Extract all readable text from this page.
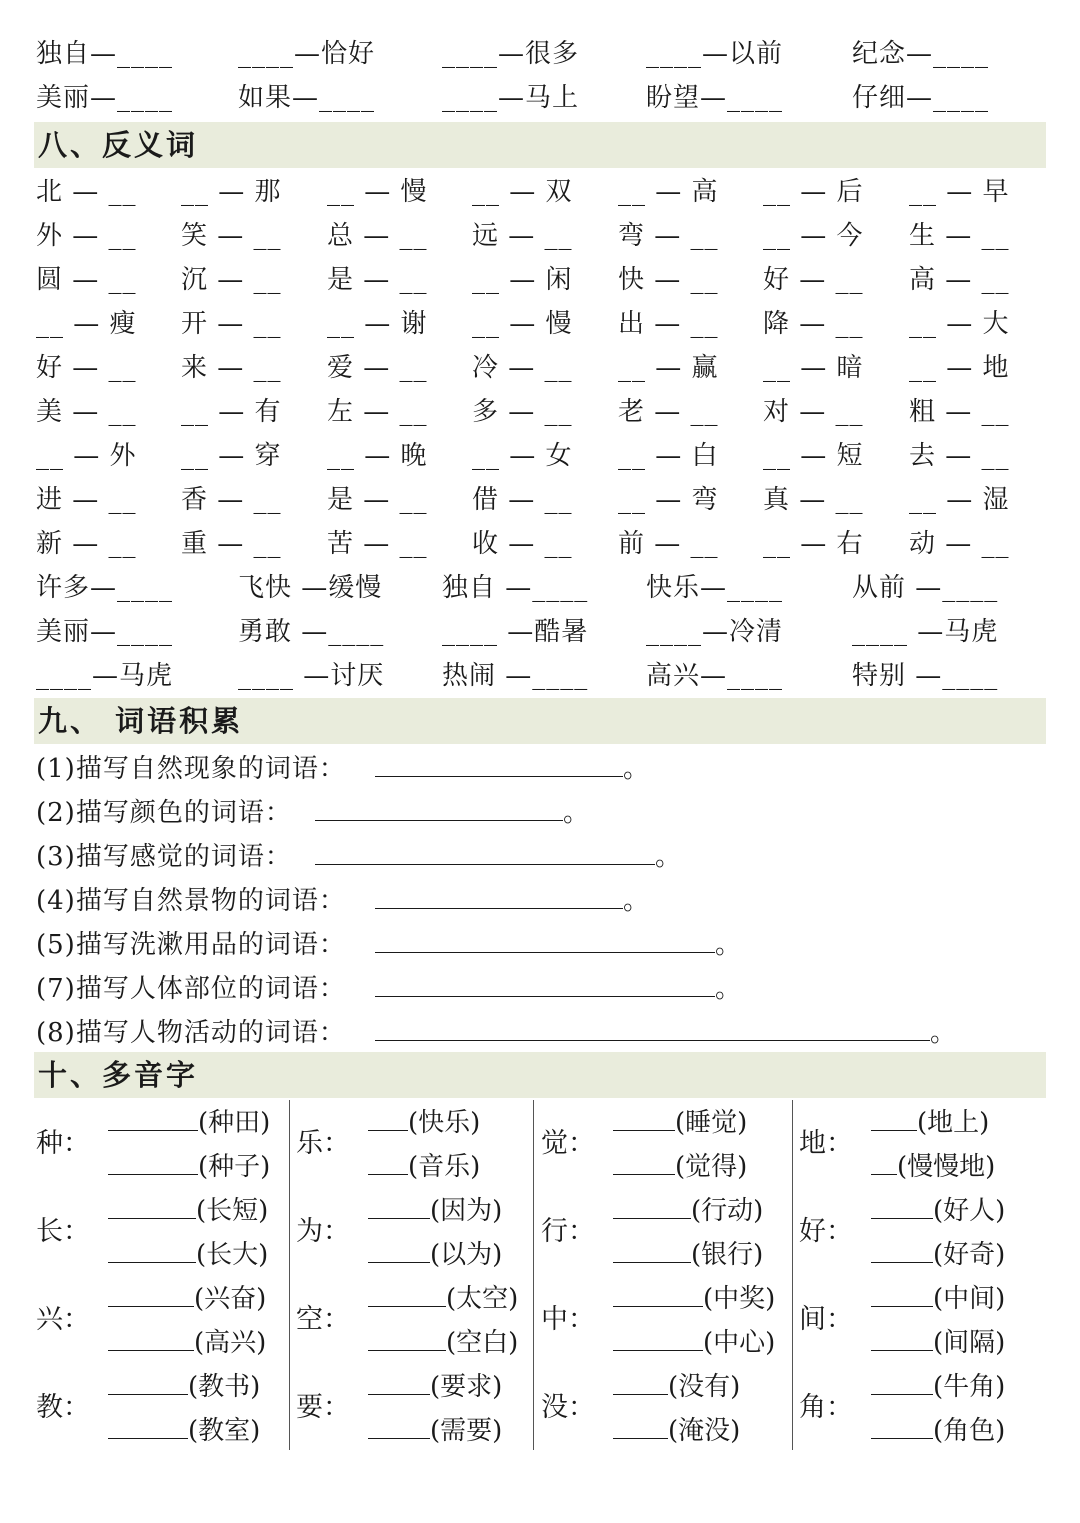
独自—____ ____—恰好	____—很多	____—以前	纪念—____
美丽—____ 如果—____	____—马上	盼望—____	仔细—____
八、反义词
北 — __ __ — 那 __ — 慢 __ — 双 __ — 高 __ — 后 __ — 早
外 — __ 笑 — __ 总 — __ 远 — __ 弯 — __ __ — 今 生 — __
圆 — __ 沉 — __ 是 — __ __ — 闲 快 — __ 好 — __ 高 — __
__ — 瘦 开 — __ __ — 谢 __ — 慢 出 — __ 降 — __ __ — 大
好 — __ 来 — __ 爱 — __ 冷 — __ __ — 赢 __ — 暗 __ — 地
美 — __ __ — 有 左 — __ 多 — __ 老 — __ 对 — __ 粗 — __
__ — 外 __ — 穿 __ — 晚 __ — 女 __ — 白 __ — 短 去 — __
进 — __ 香 — __ 是 — __ 借 — __ __ — 弯 真 — __ __ — 湿
新 — __ 重 — __ 苦 — __ 收 — __ 前 — __ __ — 右 动 — __
许多—____ 飞快 —缓慢 独自 —____ 快乐—____	从前 —____
美丽—____ 勇敢 —____ ____ —酷暑 ____—冷清	____ —马虎
____—马虎 ____ —讨厌 热闹 —____ 高兴—____	特别 —____
九、 词语积累
(1)描写自然现象的词语：	。
(2)描写颜色的词语：	。
(3)描写感觉的词语：	。
(4)描写自然景物的词语：	。
(5)描写洗漱用品的词语：	。
(7)描写人体部位的词语：	。
(8)描写人物活动的词语：	。
十、多音字
种：
(种田)
(种子)
长：
(长短)
(长大)
兴：
(兴奋)
(高兴)
教：
(教书)
(教室)
乐：
(快乐)
(音乐)
为：
(因为)
(以为)
空：
(太空)
(空白)
要：
(要求)
(需要)
觉：
(睡觉)
(觉得)
行：
(行动)
(银行)
中：
(中奖)
(中心)
没：
(没有)
(淹没)
地：
(地上)
(慢慢地)
好：
(好人)
(好奇)
间：
(中间)
(间隔)
角：
(牛角)
(角色)
